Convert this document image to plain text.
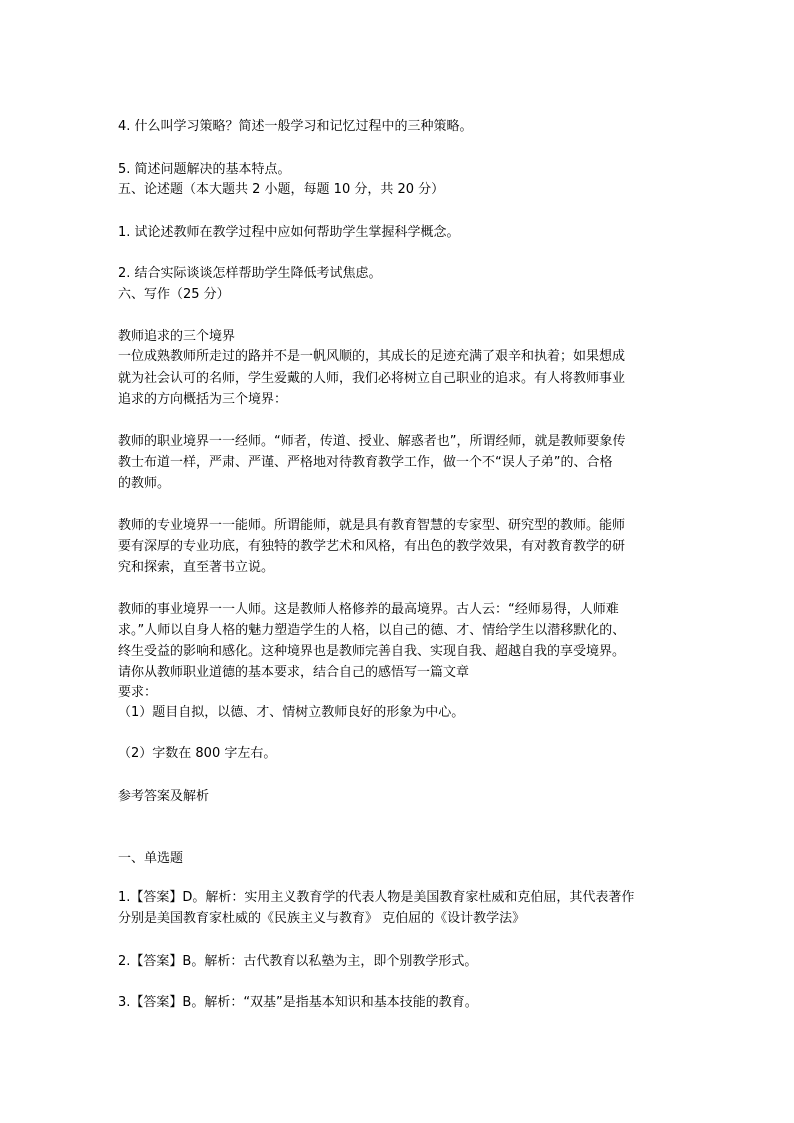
4. 什么叫学习策略？简述一般学习和记忆过程中的三种策略。

5. 简述问题解决的基本特点。

五、论述题（本大题共 2 小题，每题 10 分，共 20 分）

1. 试论述教师在教学过程中应如何帮助学生掌握科学概念。

2. 结合实际谈谈怎样帮助学生降低考试焦虑。

六、写作（25 分）

教师追求的三个境界

一位成熟教师所走过的路并不是一帆风顺的，其成长的足迹充满了艰辛和执着；如果想成

就为社会认可的名师，学生爱戴的人师，我们必将树立自己职业的追求。有人将教师事业

追求的方向概括为三个境界：

教师的职业境界一一经师。“师者，传道、授业、解惑者也”，所谓经师，就是教师要象传

教士布道一样，严肃、严谨、严格地对待教育教学工作，做一个不“误人子弟”的、合格

的教师。

教师的专业境界一一能师。所谓能师，就是具有教育智慧的专家型、研究型的教师。能师

要有深厚的专业功底，有独特的教学艺术和风格，有出色的教学效果，有对教育教学的研

究和探索，直至著书立说。

教师的事业境界一一人师。这是教师人格修养的最高境界。古人云：“经师易得，人师难

求。”人师以自身人格的魅力塑造学生的人格，以自己的德、才、情给学生以潜移默化的、

终生受益的影响和感化。这种境界也是教师完善自我、实现自我、超越自我的享受境界。

请你从教师职业道德的基本要求，结合自己的感悟写一篇文章

要求：

（1）题目自拟，以德、才、情树立教师良好的形象为中心。

（2）字数在 800 字左右。

参考答案及解析

一、单选题

1.【答案】D。解析：实用主义教育学的代表人物是美国教育家杜威和克伯屈，其代表著作

分别是美国教育家杜威的《民族主义与教育》 克伯屈的《设计教学法》

2.【答案】B。解析：古代教育以私塾为主，即个别教学形式。

3.【答案】B。解析：“双基”是指基本知识和基本技能的教育。
